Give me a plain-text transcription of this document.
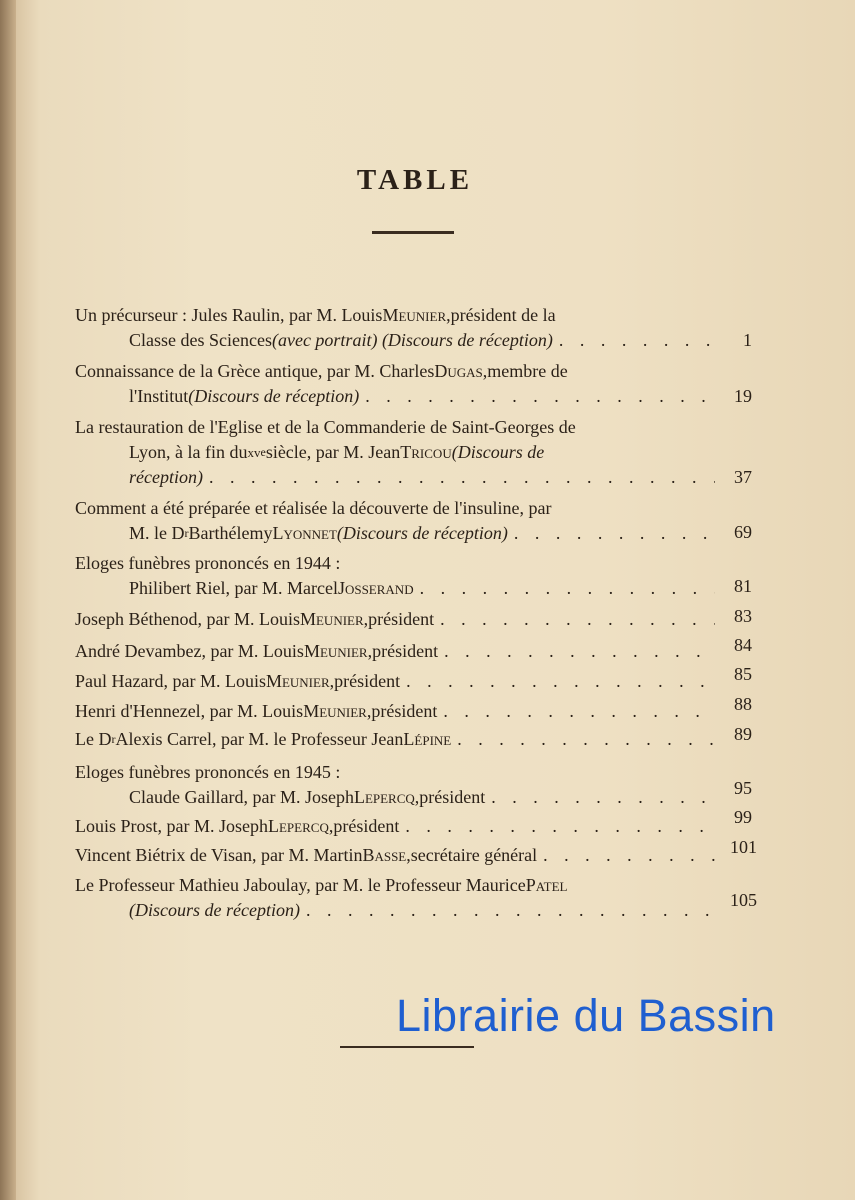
TABLE
Un précurseur : Jules Raulin, par M. Louis Meunier, président de la
Classe des Sciences (avec portrait) (Discours de réception) . . .	1
Connaissance de la Grèce antique, par M. Charles Dugas, membre de
l'Institut (Discours de réception) . . .	19
La restauration de l'Eglise et de la Commanderie de Saint-Georges de
Lyon, à la fin du xv e siècle, par M. Jean Tricou (Discours de
réception) . . .	37
Comment a été préparée et réalisée la découverte de l'insuline, par
M. le D r Barthélemy Lyonnet (Discours de réception) . . .	69
Eloges funèbres prononcés en 1944 :
Philibert Riel, par M. Marcel Josserand . . .	81
Joseph Béthenod, par M. Louis Meunier, président . . .	83
André Devambez, par M. Louis Meunier, président . . .	84
Paul Hazard, par M. Louis Meunier, président . . .	85
Henri d'Hennezel, par M. Louis Meunier, président . . .	88
Le D r Alexis Carrel, par M. le Professeur Jean Lépine . . .	89
Eloges funèbres prononcés en 1945 :
Claude Gaillard, par M. Joseph Lepercq, président . . .	95
Louis Prost, par M. Joseph Lepercq, président . . .	99
Vincent Biétrix de Visan, par M. Martin Basse, secrétaire général . . .	101
Le Professeur Mathieu Jaboulay, par M. le Professeur Maurice Patel
(Discours de réception) . . .	105
Librairie du Bassin
